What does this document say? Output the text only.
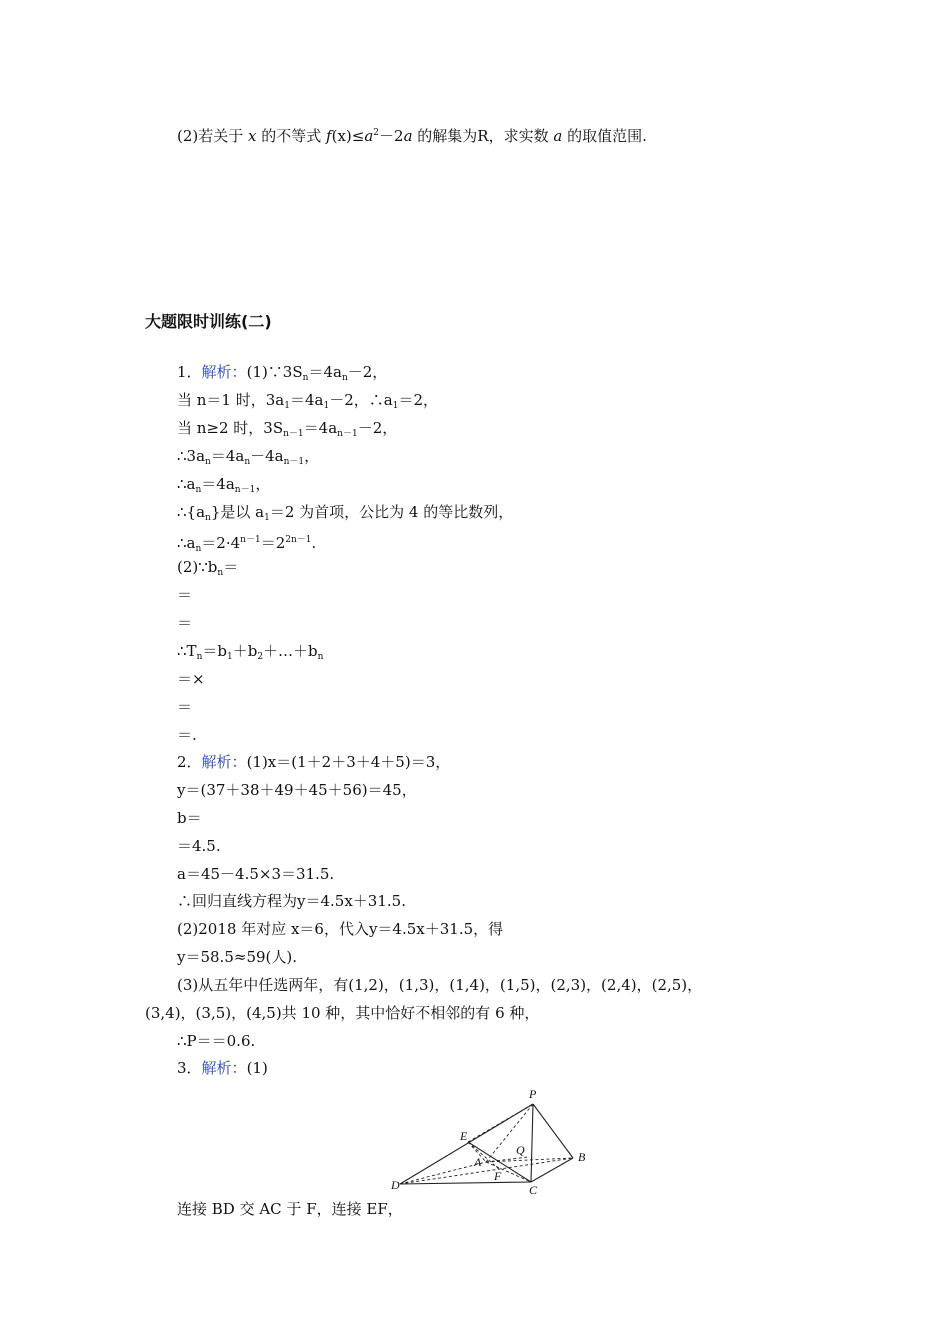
(2)若关于 x 的不等式 $f(x)\le a^2-2a$ 的解集为R，求实数 a 的取值范围.
大题限时训练(二)
1．解析：$(1)\because 3S_n=4a_n-2$，
当 n＝1 时，$3a_1=4a_1-2$，$\therefore a_1=2$，
当 n≥2 时，$3S_{n-1}=4a_{n-1}-2$，
$\therefore 3a_n=4a_n-4a_{n-1}$，
$\therefore a_n=4a_{n-1}$，
$\therefore\{a_n\}$是以 $a_1=2$ 为首项，公比为 4 的等比数列，
$\therefore a_n=2\cdot 4^{n-1}=2^{2n-1}$.
$(2)\because b_n=$
＝
＝
$\therefore T_n=b_1+b_2+\dots+b_n$
＝×
＝
＝.
2．解析：(1)x＝(1＋2＋3＋4＋5)＝3，
y＝(37＋38＋49＋45＋56)＝45，
b＝
＝4.5.
a＝45－4.5×3＝31.5.
∴回归直线方程为y＝4.5x＋31.5.
(2)2018 年对应 x＝6，代入y＝4.5x＋31.5，得
y＝58.5≈59(人).
(3)从五年中任选两年，有(1,2)，(1,3)，(1,4)，(1,5)，(2,3)，(2,4)，(2,5)，
(3,4)，(3,5)，(4,5)共 10 种，其中恰好不相邻的有 6 种，
∴P＝＝0.6.
3．解析：(1)
P
E
Q
A	B
F
D	C
连接 BD 交 AC 于 F，连接 EF，
